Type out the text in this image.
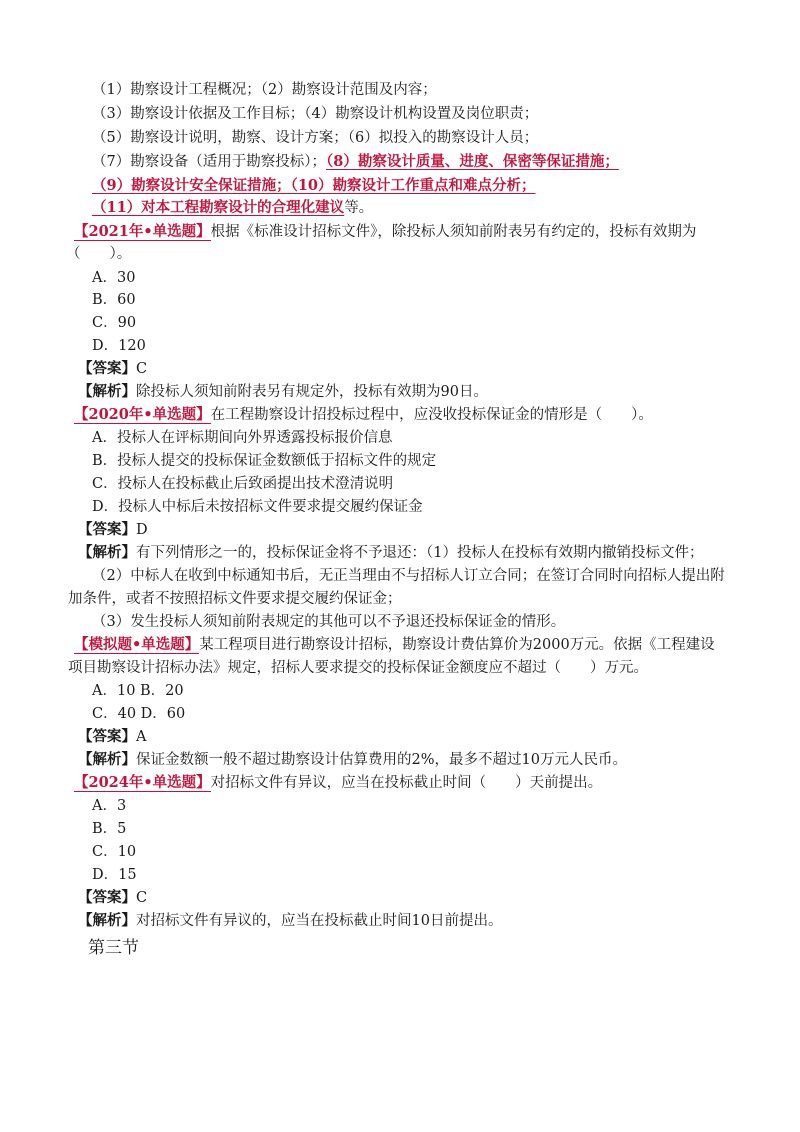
（1）勘察设计工程概况；（2）勘察设计范围及内容；
（3）勘察设计依据及工作目标；（4）勘察设计机构设置及岗位职责；
（5）勘察设计说明，勘察、设计方案；（6）拟投入的勘察设计人员；
（7）勘察设备（适用于勘察投标）；（8）勘察设计质量、进度、保密等保证措施；
（9）勘察设计安全保证措施；（10）勘察设计工作重点和难点分析；
（11）对本工程勘察设计的合理化建议等。
【2021年•单选题】根据《标准设计招标文件》，除投标人须知前附表另有约定的，投标有效期为
（　　）。
A．30
B．60
C．90
D．120
【答案】C
【解析】除投标人须知前附表另有规定外，投标有效期为90日。
【2020年•单选题】在工程勘察设计招投标过程中，应没收投标保证金的情形是（　　）。
A．投标人在评标期间向外界透露投标报价信息
B．投标人提交的投标保证金数额低于招标文件的规定
C．投标人在投标截止后致函提出技术澄清说明
D．投标人中标后未按招标文件要求提交履约保证金
【答案】D
【解析】有下列情形之一的，投标保证金将不予退还：（1）投标人在投标有效期内撤销投标文件；
（2）中标人在收到中标通知书后，无正当理由不与招标人订立合同；在签订合同时向招标人提出附
加条件，或者不按照招标文件要求提交履约保证金；
（3）发生投标人须知前附表规定的其他可以不予退还投标保证金的情形。
【模拟题•单选题】某工程项目进行勘察设计招标，勘察设计费估算价为2000万元。依据《工程建设
项目勘察设计招标办法》规定，招标人要求提交的投标保证金额度应不超过（　　）万元。
A．10 B．20
C．40 D．60
【答案】A
【解析】保证金数额一般不超过勘察设计估算费用的2%，最多不超过10万元人民币。
【2024年•单选题】对招标文件有异议，应当在投标截止时间（　　）天前提出。
A．3
B．5
C．10
D．15
【答案】C
【解析】对招标文件有异议的，应当在投标截止时间10日前提出。
第三节
